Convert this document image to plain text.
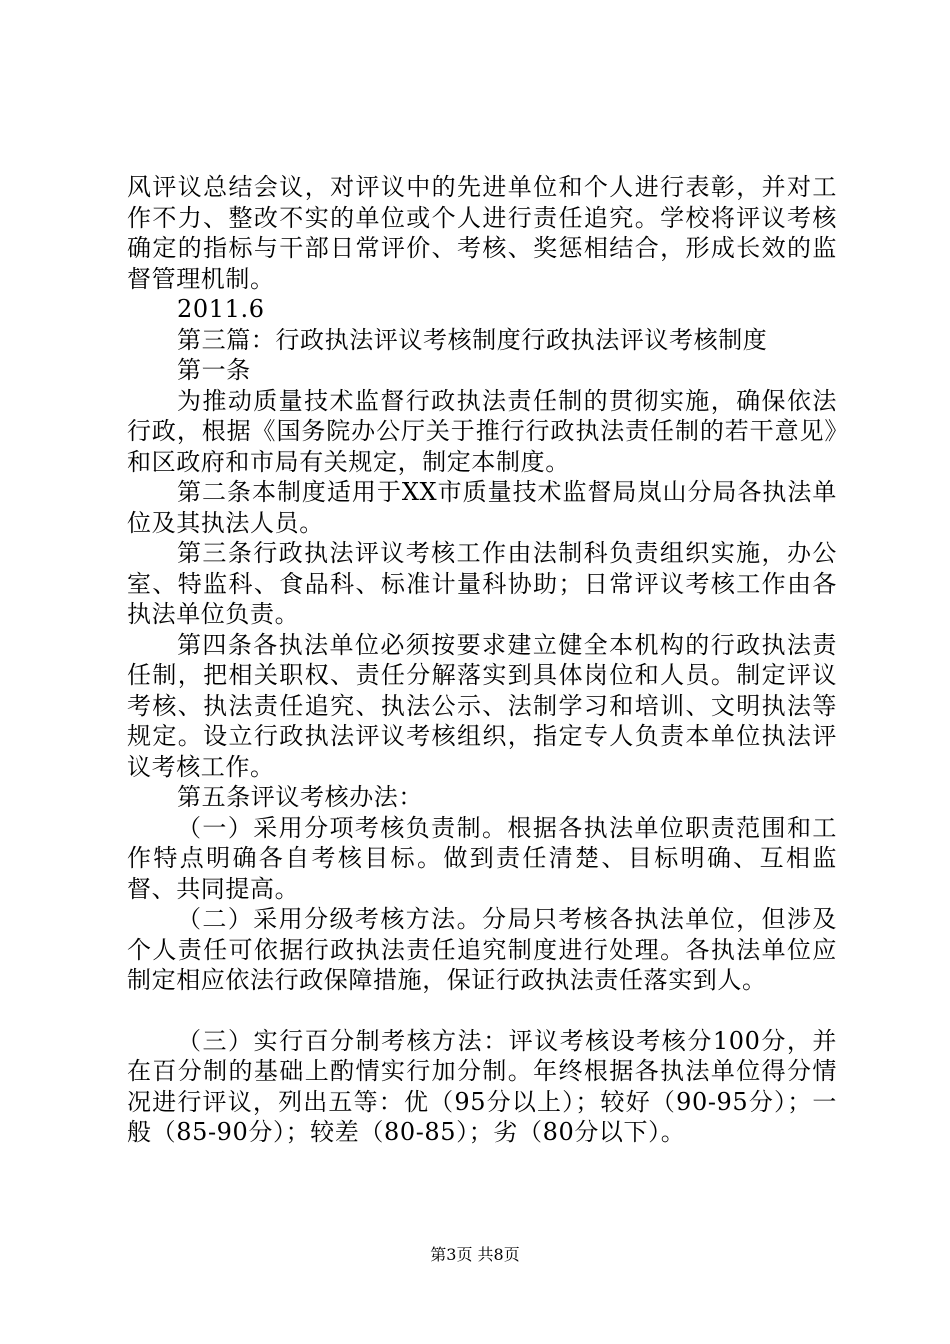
风评议总结会议，对评议中的先进单位和个人进行表彰，并对工作不力、整改不实的单位或个人进行责任追究。学校将评议考核确定的指标与干部日常评价、考核、奖惩相结合，形成长效的监督管理机制。

2011.6

第三篇：行政执法评议考核制度行政执法评议考核制度

第一条

为推动质量技术监督行政执法责任制的贯彻实施，确保依法行政，根据《国务院办公厅关于推行行政执法责任制的若干意见》和区政府和市局有关规定，制定本制度。

第二条本制度适用于XX市质量技术监督局岚山分局各执法单位及其执法人员。

第三条行政执法评议考核工作由法制科负责组织实施，办公室、特监科、食品科、标准计量科协助；日常评议考核工作由各执法单位负责。

第四条各执法单位必须按要求建立健全本机构的行政执法责任制，把相关职权、责任分解落实到具体岗位和人员。制定评议考核、执法责任追究、执法公示、法制学习和培训、文明执法等规定。设立行政执法评议考核组织，指定专人负责本单位执法评议考核工作。

第五条评议考核办法：

（一）采用分项考核负责制。根据各执法单位职责范围和工作特点明确各自考核目标。做到责任清楚、目标明确、互相监督、共同提高。

（二）采用分级考核方法。分局只考核各执法单位，但涉及个人责任可依据行政执法责任追究制度进行处理。各执法单位应制定相应依法行政保障措施，保证行政执法责任落实到人。

（三）实行百分制考核方法：评议考核设考核分100分，并在百分制的基础上酌情实行加分制。年终根据各执法单位得分情况进行评议，列出五等：优（95分以上）；较好（90-95分）；一般（85-90分）；较差（80-85）；劣（80分以下）。

第3页 共8页
